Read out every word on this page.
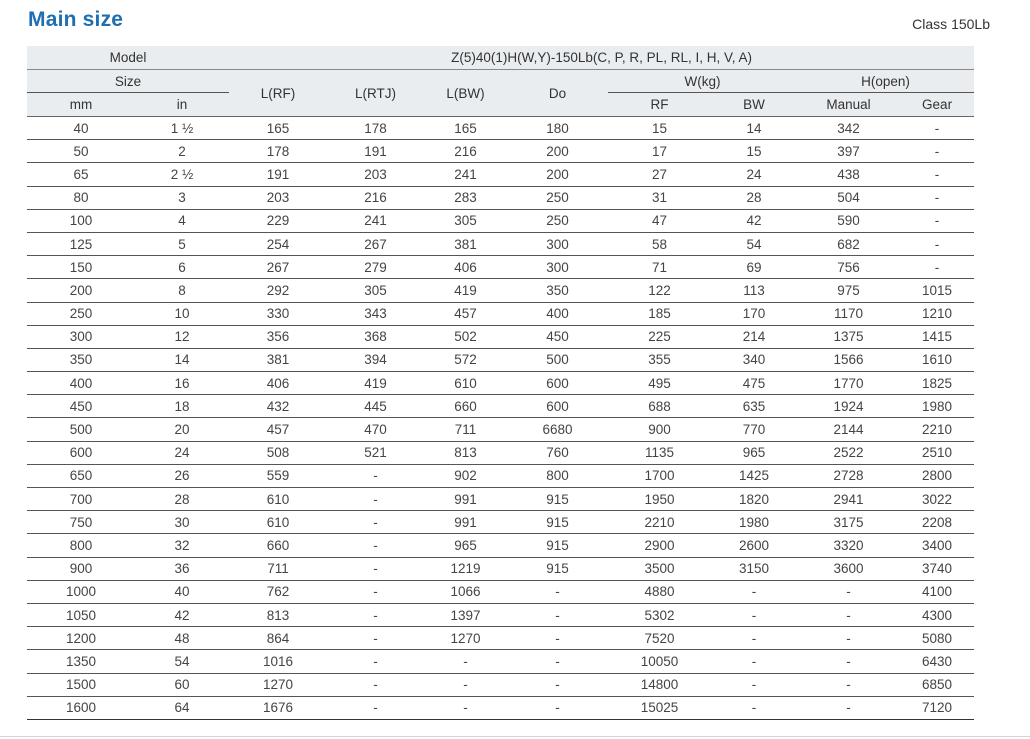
Main size	Class 150Lb
Model		Z(5)40(1)H(W,Y)-150Lb(C, P, R, PL, RL, I, H, V, A)							
Size		L(RF)	L(RTJ)	L(BW)	Do	W(kg)		H(open)	
mm	in					RF	BW	Manual	Gear
40	1 ½	165	178	165	180	15	14	342	-
50	2	178	191	216	200	17	15	397	-
65	2 ½	191	203	241	200	27	24	438	-
80	3	203	216	283	250	31	28	504	-
100	4	229	241	305	250	47	42	590	-
125	5	254	267	381	300	58	54	682	-
150	6	267	279	406	300	71	69	756	-
200	8	292	305	419	350	122	113	975	1015
250	10	330	343	457	400	185	170	1170	1210
300	12	356	368	502	450	225	214	1375	1415
350	14	381	394	572	500	355	340	1566	1610
400	16	406	419	610	600	495	475	1770	1825
450	18	432	445	660	600	688	635	1924	1980
500	20	457	470	711	6680	900	770	2144	2210
600	24	508	521	813	760	1135	965	2522	2510
650	26	559	-	902	800	1700	1425	2728	2800
700	28	610	-	991	915	1950	1820	2941	3022
750	30	610	-	991	915	2210	1980	3175	2208
800	32	660	-	965	915	2900	2600	3320	3400
900	36	711	-	1219	915	3500	3150	3600	3740
1000	40	762	-	1066	-	4880	-	-	4100
1050	42	813	-	1397	-	5302	-	-	4300
1200	48	864	-	1270	-	7520	-	-	5080
1350	54	1016	-	-	-	10050	-	-	6430
1500	60	1270	-	-	-	14800	-	-	6850
1600	64	1676	-	-	-	15025	-	-	7120
